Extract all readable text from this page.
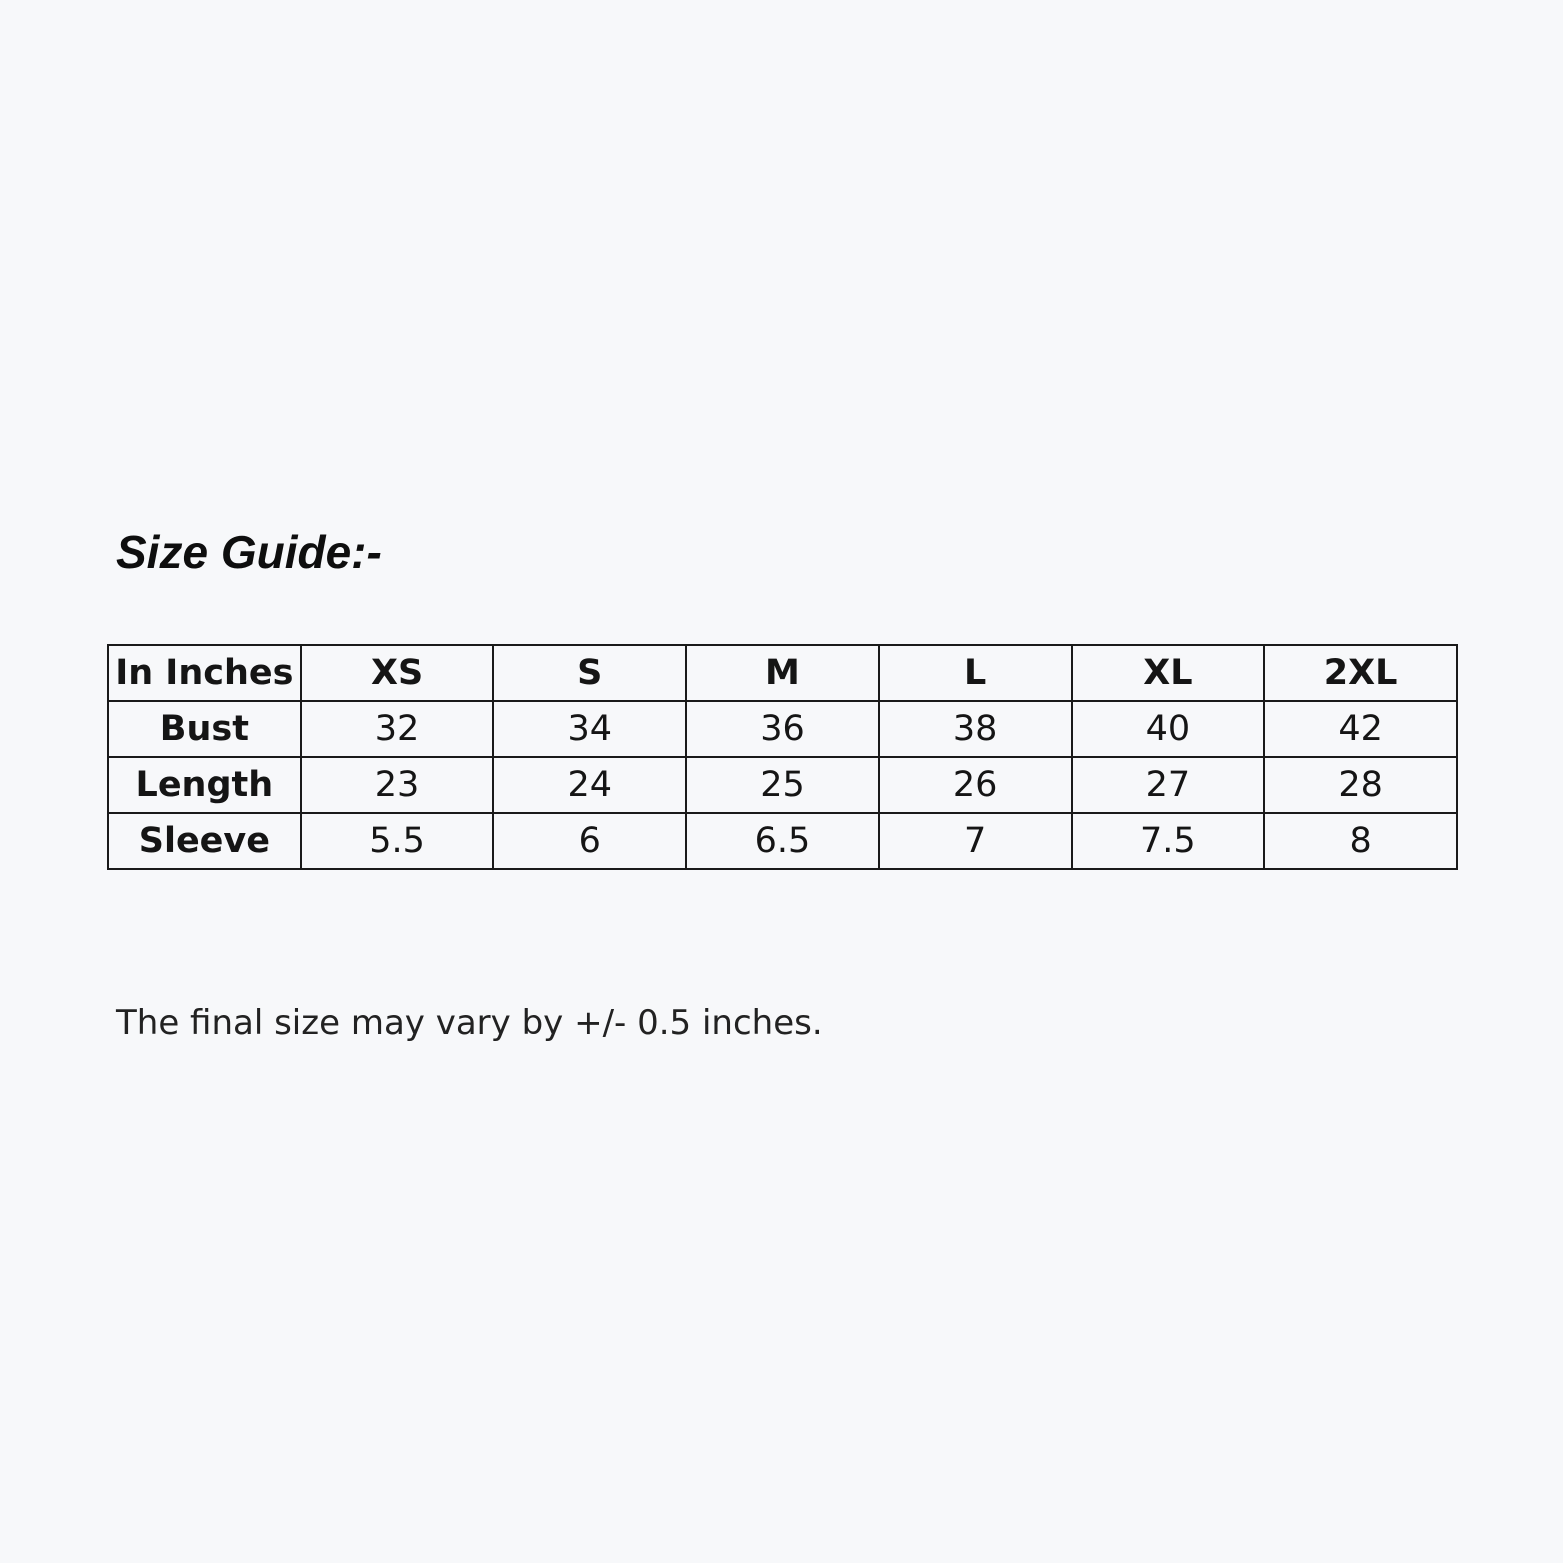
Size Guide:-
In Inches	XS	S	M	L	XL	2XL
Bust	32	34	36	38	40	42
Length	23	24	25	26	27	28
Sleeve	5.5	6	6.5	7	7.5	8
The final size may vary by +/- 0.5 inches.
